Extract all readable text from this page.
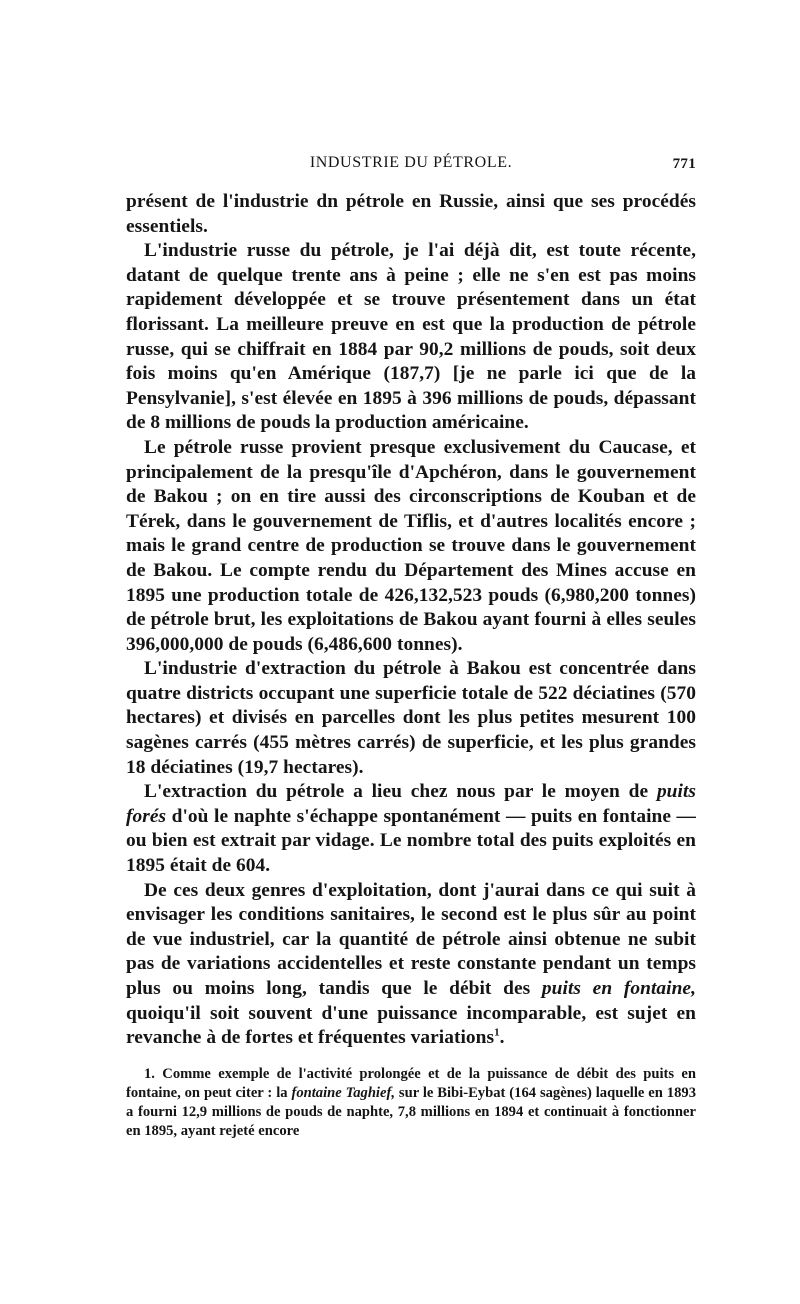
INDUSTRIE DU PÉTROLE.	771

présent de l'industrie dn pétrole en Russie, ainsi que ses procédés essentiels.

L'industrie russe du pétrole, je l'ai déjà dit, est toute récente, datant de quelque trente ans à peine ; elle ne s'en est pas moins rapidement développée et se trouve présentement dans un état florissant. La meilleure preuve en est que la production de pétrole russe, qui se chiffrait en 1884 par 90,2 millions de pouds, soit deux fois moins qu'en Amérique (187,7) [je ne parle ici que de la Pensylvanie], s'est élevée en 1895 à 396 millions de pouds, dépassant de 8 millions de pouds la production américaine.

Le pétrole russe provient presque exclusivement du Caucase, et principalement de la presqu'île d'Apchéron, dans le gouvernement de Bakou ; on en tire aussi des circonscriptions de Kouban et de Térek, dans le gouvernement de Tiflis, et d'autres localités encore ; mais le grand centre de production se trouve dans le gouvernement de Bakou. Le compte rendu du Département des Mines accuse en 1895 une production totale de 426,132,523 pouds (6,980,200 tonnes) de pétrole brut, les exploitations de Bakou ayant fourni à elles seules 396,000,000 de pouds (6,486,600 tonnes).

L'industrie d'extraction du pétrole à Bakou est concentrée dans quatre districts occupant une superficie totale de 522 déciatines (570 hectares) et divisés en parcelles dont les plus petites mesurent 100 sagènes carrés (455 mètres carrés) de superficie, et les plus grandes 18 déciatines (19,7 hectares).

L'extraction du pétrole a lieu chez nous par le moyen de puits forés d'où le naphte s'échappe spontanément — puits en fontaine — ou bien est extrait par vidage. Le nombre total des puits exploités en 1895 était de 604.

De ces deux genres d'exploitation, dont j'aurai dans ce qui suit à envisager les conditions sanitaires, le second est le plus sûr au point de vue industriel, car la quantité de pétrole ainsi obtenue ne subit pas de variations accidentelles et reste constante pendant un temps plus ou moins long, tandis que le débit des puits en fontaine, quoiqu'il soit souvent d'une puissance incomparable, est sujet en revanche à de fortes et fréquentes variations$^1$.

1. Comme exemple de l'activité prolongée et de la puissance de débit des puits en fontaine, on peut citer : la fontaine Taghief, sur le Bibi-Eybat (164 sagènes) laquelle en 1893 a fourni 12,9 millions de pouds de naphte, 7,8 millions en 1894 et continuait à fonctionner en 1895, ayant rejeté encore
